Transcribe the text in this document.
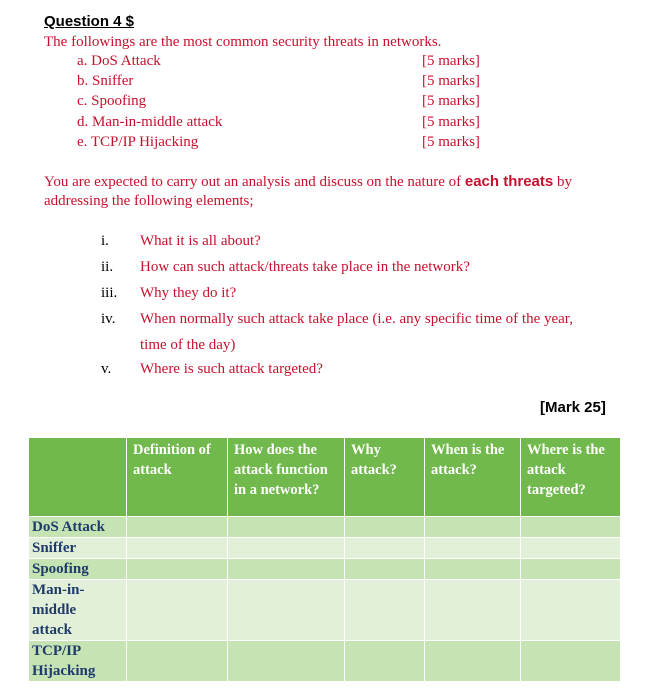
Question 4 $
The followings are the most common security threats in networks.
a. DoS Attack	[5 marks]
b. Sniffer	[5 marks]
c. Spoofing	[5 marks]
d. Man-in-middle attack	[5 marks]
e. TCP/IP Hijacking	[5 marks]
You are expected to carry out an analysis and discuss on the nature of each threats by addressing the following elements;
i. What it is all about?
ii. How can such attack/threats take place in the network?
iii. Why they do it?
iv. When normally such attack take place (i.e. any specific time of the year,
time of the day)
v. Where is such attack targeted?
[Mark 25]
	Definition of attack	How does the attack function in a network?	Why attack?	When is the attack?	Where is the attack targeted?
DoS Attack					
Sniffer					
Spoofing					

Man-in-middle attack					

TCP/IP Hijacking					
